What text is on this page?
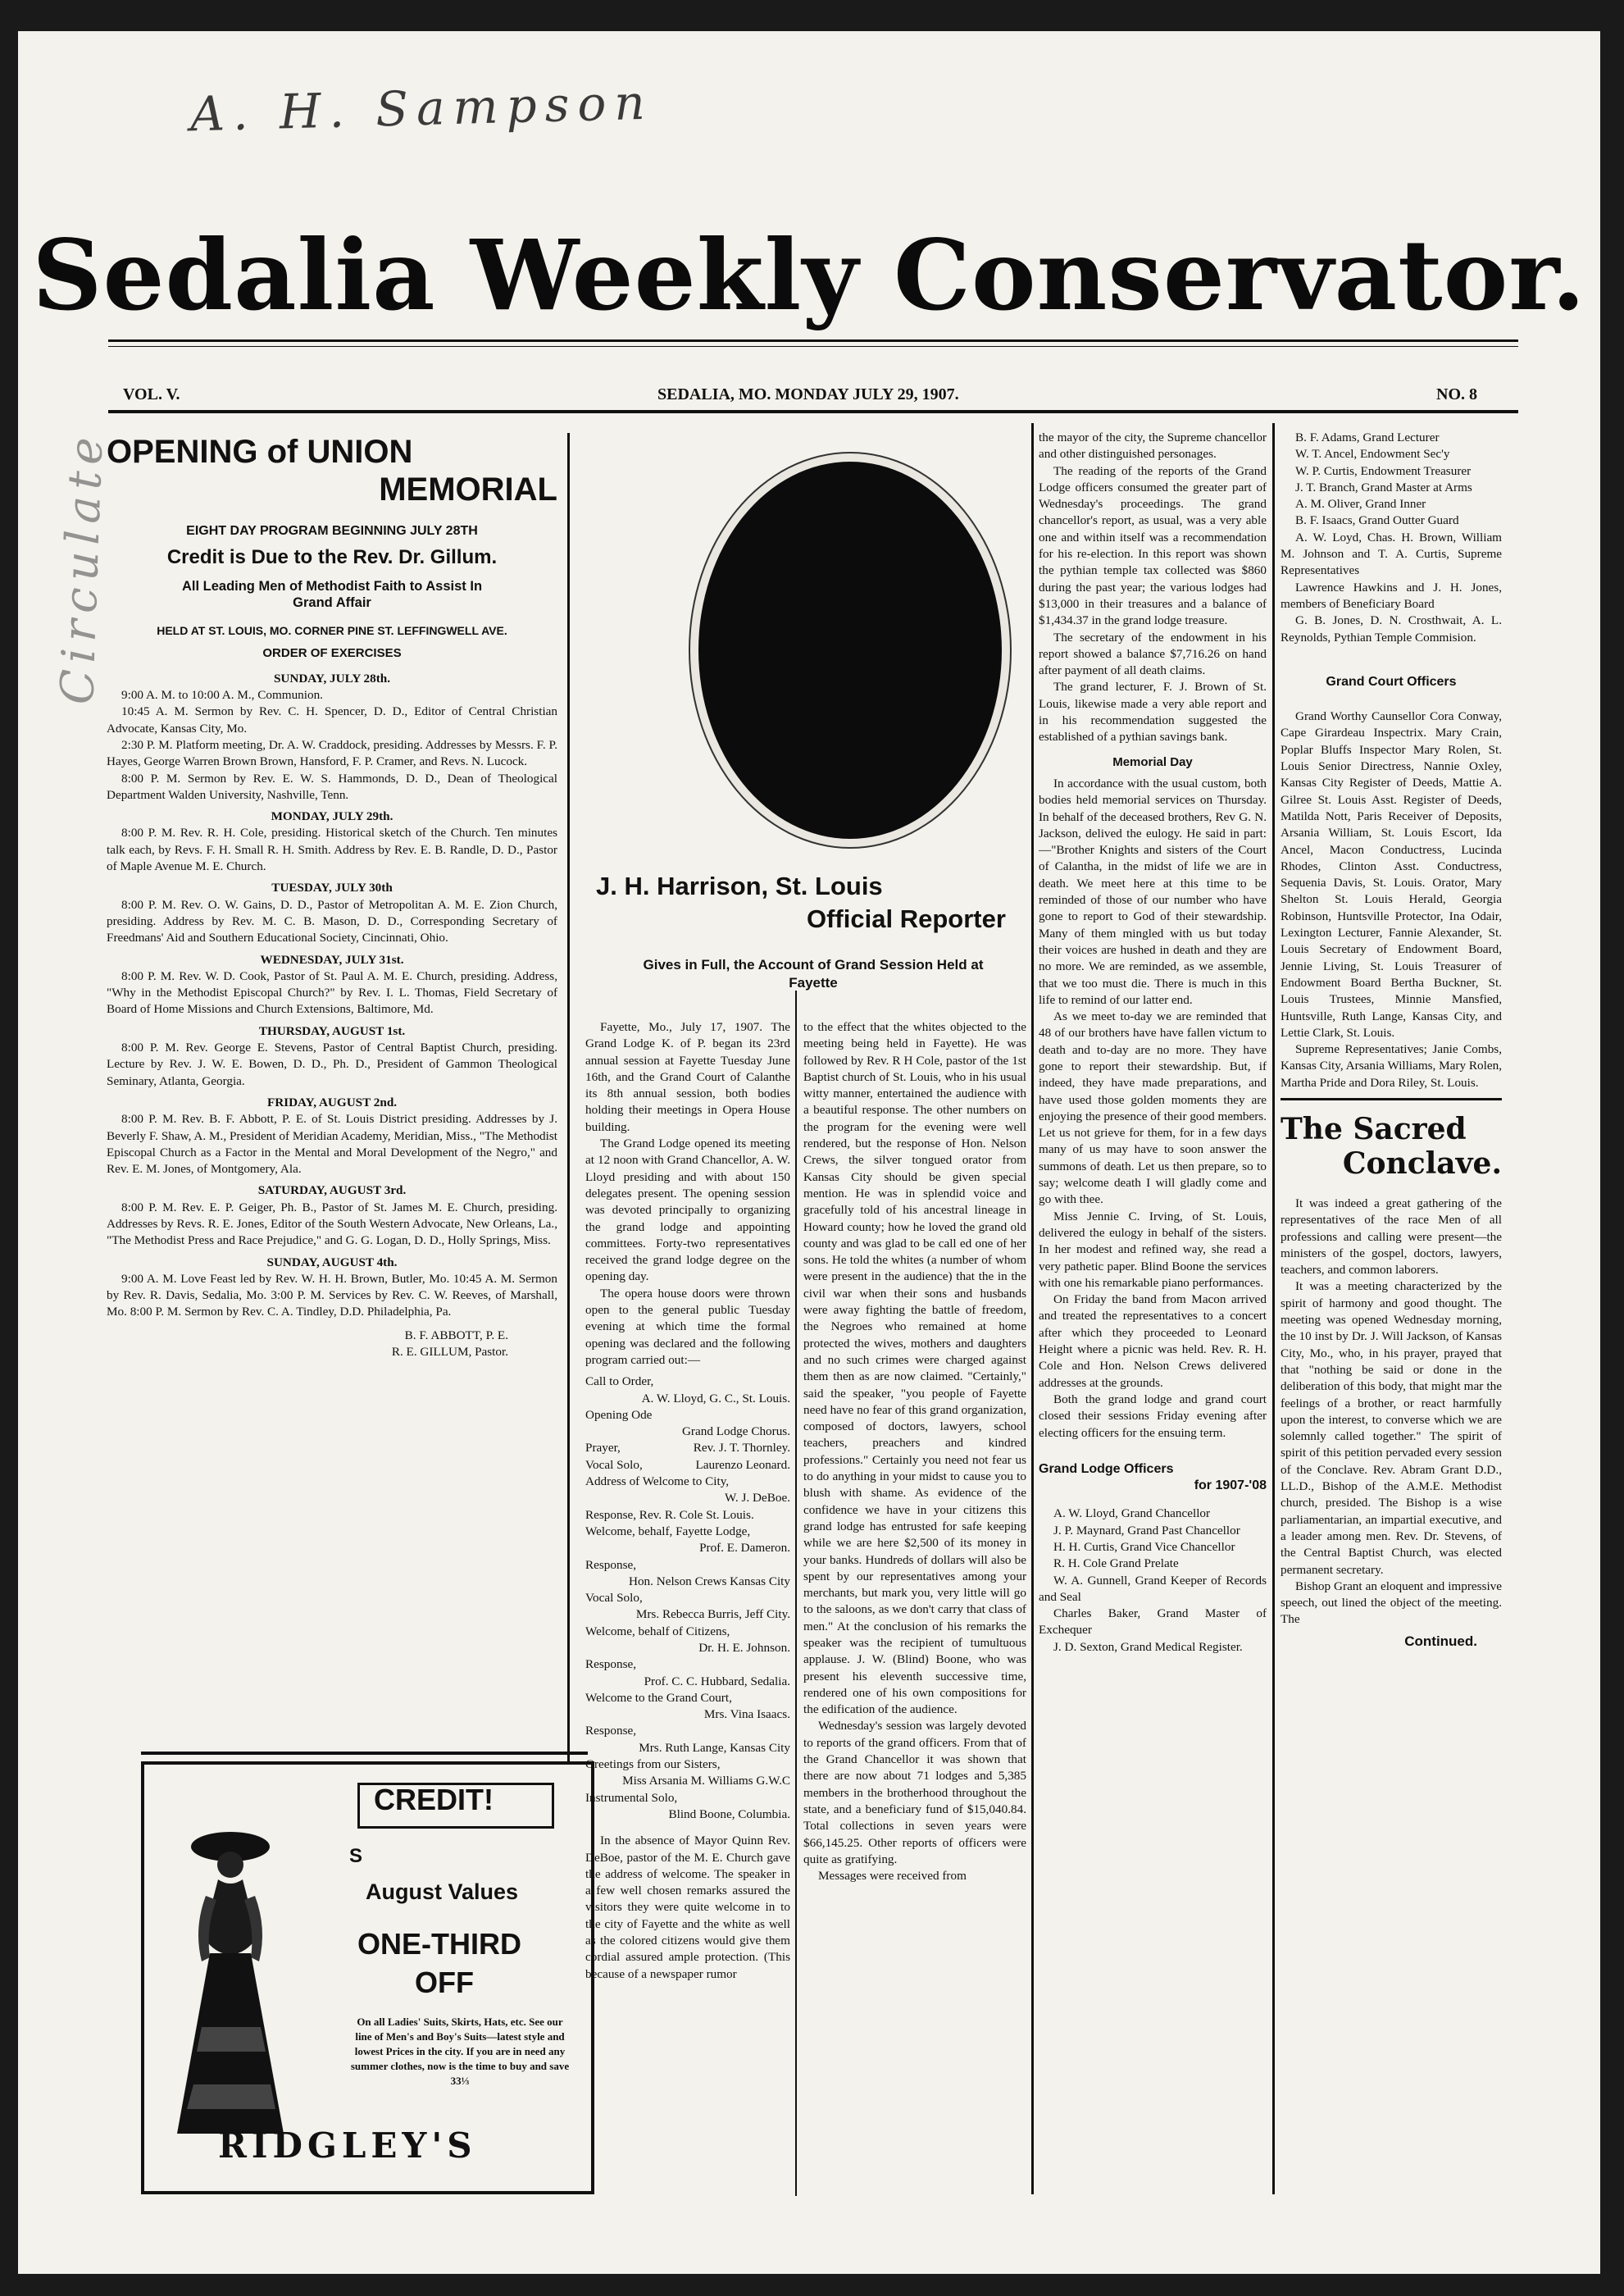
A. H. Sampson
Circulate
Sedalia Weekly Conservator.
VOL. V.	SEDALIA, MO. MONDAY JULY 29, 1907.	NO. 8
OPENING of UNION
MEMORIAL

EIGHT DAY PROGRAM BEGINNING JULY 28TH

Credit is Due to the Rev. Dr. Gillum.

All Leading Men of Methodist Faith to Assist In Grand Affair

HELD AT ST. LOUIS, MO. CORNER PINE ST. LEFFINGWELL AVE.

ORDER OF EXERCISES

SUNDAY, JULY 28th.

9:00 A. M. to 10:00 A. M., Communion.

10:45 A. M. Sermon by Rev. C. H. Spencer, D. D., Editor of Central Christian Advocate, Kansas City, Mo.

2:30 P. M. Platform meeting, Dr. A. W. Craddock, presiding. Addresses by Messrs. F. P. Hayes, George Warren Brown Brown, Hansford, F. P. Cramer, and Revs. N. Lucock.

8:00 P. M. Sermon by Rev. E. W. S. Hammonds, D. D., Dean of Theological Department Walden University, Nashville, Tenn.

MONDAY, JULY 29th.

8:00 P. M. Rev. R. H. Cole, presiding. Historical sketch of the Church. Ten minutes talk each, by Revs. F. H. Small R. H. Smith. Address by Rev. E. B. Randle, D. D., Pastor of Maple Avenue M. E. Church.

TUESDAY, JULY 30th

8:00 P. M. Rev. O. W. Gains, D. D., Pastor of Metropolitan A. M. E. Zion Church, presiding. Address by Rev. M. C. B. Mason, D. D., Corresponding Secretary of Freedmans' Aid and Southern Educational Society, Cincinnati, Ohio.

WEDNESDAY, JULY 31st.

8:00 P. M. Rev. W. D. Cook, Pastor of St. Paul A. M. E. Church, presiding. Address, "Why in the Methodist Episcopal Church?" by Rev. I. L. Thomas, Field Secretary of Board of Home Missions and Church Extensions, Baltimore, Md.

THURSDAY, AUGUST 1st.

8:00 P. M. Rev. George E. Stevens, Pastor of Central Baptist Church, presiding. Lecture by Rev. J. W. E. Bowen, D. D., Ph. D., President of Gammon Theological Seminary, Atlanta, Georgia.

FRIDAY, AUGUST 2nd.

8:00 P. M. Rev. B. F. Abbott, P. E. of St. Louis District presiding. Addresses by J. Beverly F. Shaw, A. M., President of Meridian Academy, Meridian, Miss., "The Methodist Episcopal Church as a Factor in the Mental and Moral Development of the Negro," and Rev. E. M. Jones, of Montgomery, Ala.

SATURDAY, AUGUST 3rd.

8:00 P. M. Rev. E. P. Geiger, Ph. B., Pastor of St. James M. E. Church, presiding. Addresses by Revs. R. E. Jones, Editor of the South Western Advocate, New Orleans, La., "The Methodist Press and Race Prejudice," and G. G. Logan, D. D., Holly Springs, Miss.

SUNDAY, AUGUST 4th.

9:00 A. M. Love Feast led by Rev. W. H. H. Brown, Butler, Mo. 10:45 A. M. Sermon by Rev. R. Davis, Sedalia, Mo. 3:00 P. M. Services by Rev. C. W. Reeves, of Marshall, Mo. 8:00 P. M. Sermon by Rev. C. A. Tindley, D.D. Philadelphia, Pa.

B. F. ABBOTT, P. E.

R. E. GILLUM, Pastor.

CREDIT!
S
August Values
ONE-THIRD
OFF
On all Ladies' Suits, Skirts, Hats, etc. See our line of Men's and Boy's Suits—latest style and lowest Prices in the city. If you are in need any summer clothes, now is the time to buy and save 33⅓
RIDGLEY'S
J. H. Harrison, St. Louis
Official Reporter
Gives in Full, the Account of Grand Session Held at Fayette

Fayette, Mo., July 17, 1907. The Grand Lodge K. of P. began its 23rd annual session at Fayette Tuesday June 16th, and the Grand Court of Calanthe its 8th annual session, both bodies holding their meetings in Opera House building.

The Grand Lodge opened its meeting at 12 noon with Grand Chancellor, A. W. Lloyd presiding and with about 150 delegates present. The opening session was devoted principally to organizing the grand lodge and appointing committees. Forty-two representatives received the grand lodge degree on the opening day.

The opera house doors were thrown open to the general public Tuesday evening at which time the formal opening was declared and the following program carried out:—

Call to Order,
A. W. Lloyd, G. C., St. Louis.
Opening Ode
Grand Lodge Chorus.
Prayer,	Rev. J. T. Thornley.
Vocal Solo,	Laurenzo Leonard.
Address of Welcome to City,
W. J. DeBoe.
Response, Rev. R. Cole St. Louis.
Welcome, behalf, Fayette Lodge,
Prof. E. Dameron.
Response,
Hon. Nelson Crews Kansas City
Vocal Solo,
Mrs. Rebecca Burris, Jeff City.
Welcome, behalf of Citizens,
Dr. H. E. Johnson.
Response,
Prof. C. C. Hubbard, Sedalia.
Welcome to the Grand Court,
Mrs. Vina Isaacs.
Response,
Mrs. Ruth Lange, Kansas City
Greetings from our Sisters,
Miss Arsania M. Williams G.W.C
Instrumental Solo,
Blind Boone, Columbia.

In the absence of Mayor Quinn Rev. DeBoe, pastor of the M. E. Church gave the address of welcome. The speaker in a few well chosen remarks assured the visitors they were quite welcome in to the city of Fayette and the white as well as the colored citizens would give them cordial assured ample protection. (This because of a newspaper rumor

to the effect that the whites objected to the meeting being held in Fayette). He was followed by Rev. R H Cole, pastor of the 1st Baptist church of St. Louis, who in his usual witty manner, entertained the audience with a beautiful response. The other numbers on the program for the evening were well rendered, but the response of Hon. Nelson Crews, the silver tongued orator from Kansas City should be given special mention. He was in splendid voice and gracefully told of his ancestral lineage in Howard county; how he loved the grand old county and was glad to be call ed one of her sons. He told the whites (a number of whom were present in the audience) that the in the civil war when their sons and husbands were away fighting the battle of freedom, the Negroes who remained at home protected the wives, mothers and daughters and no such crimes were charged against them then as are now claimed. "Certainly," said the speaker, "you people of Fayette need have no fear of this grand organization, composed of doctors, lawyers, school teachers, preachers and kindred professions." Certainly you need not fear us to do anything in your midst to cause you to blush with shame. As evidence of the confidence we have in your citizens this grand lodge has entrusted for safe keeping while we are here $2,500 of its money in your banks. Hundreds of dollars will also be spent by our representatives among your merchants, but mark you, very little will go to the saloons, as we don't carry that class of men." At the conclusion of his remarks the speaker was the recipient of tumultuous applause. J. W. (Blind) Boone, who was present his eleventh successive time, rendered one of his own compositions for the edification of the audience.

Wednesday's session was largely devoted to reports of the grand officers. From that of the Grand Chancellor it was shown that there are now about 71 lodges and 5,385 members in the brotherhood throughout the state, and a beneficiary fund of $15,040.84. Total collections in seven years were $66,145.25. Other reports of officers were quite as gratifying.

Messages were received from

the mayor of the city, the Supreme chancellor and other distinguished personages.

The reading of the reports of the Grand Lodge officers consumed the greater part of Wednesday's proceedings. The grand chancellor's report, as usual, was a very able one and within itself was a recommendation for his re-election. In this report was shown the pythian temple tax collected was $860 during the past year; the various lodges had $13,000 in their treasures and a balance of $1,434.37 in the grand lodge treasure.

The secretary of the endowment in his report showed a balance $7,716.26 on hand after payment of all death claims.

The grand lecturer, F. J. Brown of St. Louis, likewise made a very able report and in his recommendation suggested the established of a pythian savings bank.

Memorial Day

In accordance with the usual custom, both bodies held memorial services on Thursday. In behalf of the deceased brothers, Rev G. N. Jackson, delived the eulogy. He said in part:—"Brother Knights and sisters of the Court of Calantha, in the midst of life we are in death. We meet here at this time to be reminded of those of our number who have gone to report to God of their stewardship. Many of them mingled with us but today their voices are hushed in death and they are no more. We are reminded, as we assemble, that we too must die. There is much in this life to remind of our latter end.

As we meet to-day we are reminded that 48 of our brothers have have fallen victum to death and to-day are no more. They have gone to report their stewardship. But, if indeed, they have made preparations, and have used those golden moments they are enjoying the presence of their good members. Let us not grieve for them, for in a few days many of us may have to soon answer the summons of death. Let us then prepare, so to say; welcome death I will gladly come and go with thee.

Miss Jennie C. Irving, of St. Louis, delivered the eulogy in behalf of the sisters. In her modest and refined way, she read a very pathetic paper. Blind Boone the services with one his remarkable piano performances.

On Friday the band from Macon arrived and treated the representatives to a concert after which they proceeded to Leonard Height where a picnic was held. Rev. R. H. Cole and Hon. Nelson Crews delivered addresses at the grounds.

Both the grand lodge and grand court closed their sessions Friday evening after electing officers for the ensuing term.

Grand Lodge Officers

for 1907-'08

A. W. Lloyd, Grand Chancellor

J. P. Maynard, Grand Past Chancellor

H. H. Curtis, Grand Vice Chancellor

R. H. Cole Grand Prelate

W. A. Gunnell, Grand Keeper of Records and Seal

Charles Baker, Grand Master of Exchequer

J. D. Sexton, Grand Medical Register.

B. F. Adams, Grand Lecturer

W. T. Ancel, Endowment Sec'y

W. P. Curtis, Endowment Treasurer

J. T. Branch, Grand Master at Arms

A. M. Oliver, Grand Inner

B. F. Isaacs, Grand Outter Guard

A. W. Loyd, Chas. H. Brown, William M. Johnson and T. A. Curtis, Supreme Representatives

Lawrence Hawkins and J. H. Jones, members of Beneficiary Board

G. B. Jones, D. N. Crosthwait, A. L. Reynolds, Pythian Temple Commision.

Grand Court Officers

Grand Worthy Caunsellor Cora Conway, Cape Girardeau Inspectrix. Mary Crain, Poplar Bluffs Inspector Mary Rolen, St. Louis Senior Directress, Nannie Oxley, Kansas City Register of Deeds, Mattie A. Gilree St. Louis Asst. Register of Deeds, Matilda Nott, Paris Receiver of Deposits, Arsania William, St. Louis Escort, Ida Ancel, Macon Conductress, Lucinda Rhodes, Clinton Asst. Conductress, Sequenia Davis, St. Louis. Orator, Mary Shelton St. Louis Herald, Georgia Robinson, Huntsville Protector, Ina Odair, Lexington Lecturer, Fannie Alexander, St. Louis Secretary of Endowment Board, Jennie Living, St. Louis Treasurer of Endowment Board Bertha Buckner, St. Louis Trustees, Minnie Mansfied, Huntsville, Ruth Lange, Kansas City, and Lettie Clark, St. Louis.

Supreme Representatives; Janie Combs, Kansas City, Arsania Williams, Mary Rolen, Martha Pride and Dora Riley, St. Louis.

The Sacred
Conclave.

It was indeed a great gathering of the representatives of the race Men of all professions and calling were present—the ministers of the gospel, doctors, lawyers, teachers, and common laborers.

It was a meeting characterized by the spirit of harmony and good thought. The meeting was opened Wednesday morning, the 10 inst by Dr. J. Will Jackson, of Kansas City, Mo., who, in his prayer, prayed that that "nothing be said or done in the deliberation of this body, that might mar the feelings of a brother, or react harmfully upon the interest, to converse which we are solemnly called together." The spirit of spirit of this petition pervaded every session of the Conclave. Rev. Abram Grant D.D., LL.D., Bishop of the A.M.E. Methodist church, presided. The Bishop is a wise parliamentarian, an impartial executive, and a leader among men. Rev. Dr. Stevens, of the Central Baptist Church, was elected permanent secretary.

Bishop Grant an eloquent and impressive speech, out lined the object of the meeting. The

Continued.
